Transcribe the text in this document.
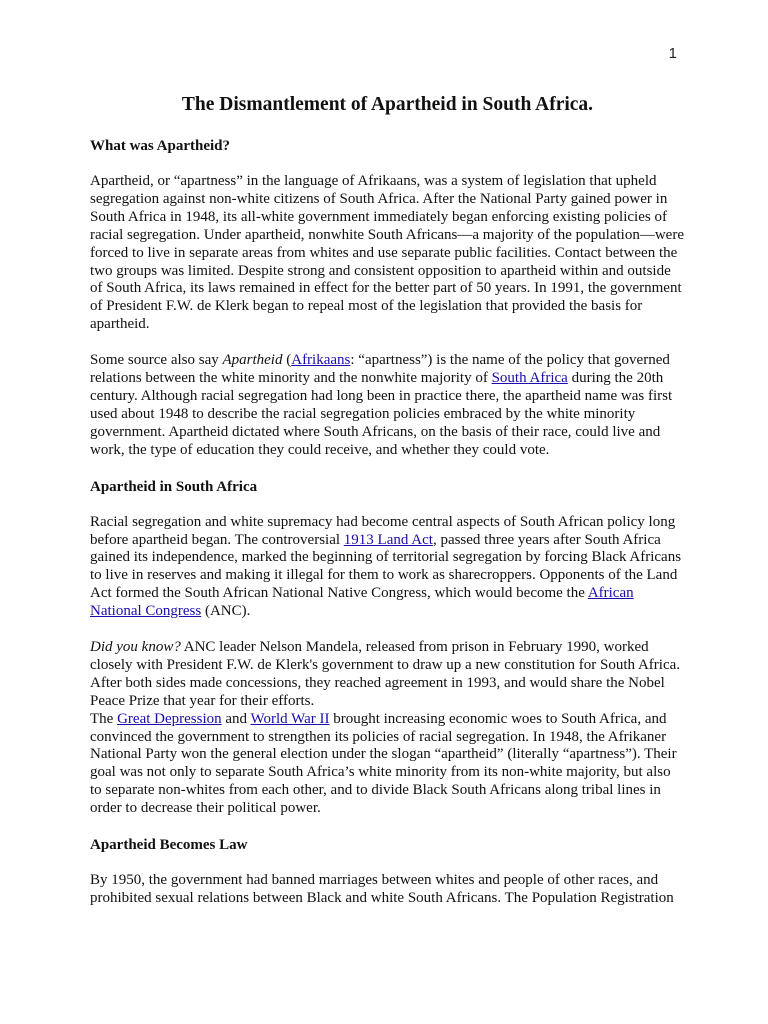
1
The Dismantlement of Apartheid in South Africa.
What was Apartheid?

Apartheid, or “apartness” in the language of Afrikaans, was a system of legislation that upheld segregation against non-white citizens of South Africa. After the National Party gained power in South Africa in 1948, its all-white government immediately began enforcing existing policies of racial segregation. Under apartheid, nonwhite South Africans—a majority of the population—were forced to live in separate areas from whites and use separate public facilities. Contact between the two groups was limited. Despite strong and consistent opposition to apartheid within and outside of South Africa, its laws remained in effect for the better part of 50 years. In 1991, the government of President F.W. de Klerk began to repeal most of the legislation that provided the basis for apartheid.

Some source also say Apartheid (Afrikaans: “apartness”) is the name of the policy that governed relations between the white minority and the nonwhite majority of South Africa during the 20th century. Although racial segregation had long been in practice there, the apartheid name was first used about 1948 to describe the racial segregation policies embraced by the white minority government. Apartheid dictated where South Africans, on the basis of their race, could live and work, the type of education they could receive, and whether they could vote.

Apartheid in South Africa

Racial segregation and white supremacy had become central aspects of South African policy long before apartheid began. The controversial 1913 Land Act, passed three years after South Africa gained its independence, marked the beginning of territorial segregation by forcing Black Africans to live in reserves and making it illegal for them to work as sharecroppers. Opponents of the Land Act formed the South African National Native Congress, which would become the African National Congress (ANC).

Did you know? ANC leader Nelson Mandela, released from prison in February 1990, worked closely with President F.W. de Klerk's government to draw up a new constitution for South Africa. After both sides made concessions, they reached agreement in 1993, and would share the Nobel Peace Prize that year for their efforts.

The Great Depression and World War II brought increasing economic woes to South Africa, and convinced the government to strengthen its policies of racial segregation. In 1948, the Afrikaner National Party won the general election under the slogan “apartheid” (literally “apartness”). Their goal was not only to separate South Africa’s white minority from its non-white majority, but also to separate non-whites from each other, and to divide Black South Africans along tribal lines in order to decrease their political power.

Apartheid Becomes Law

By 1950, the government had banned marriages between whites and people of other races, and prohibited sexual relations between Black and white South Africans. The Population Registration
